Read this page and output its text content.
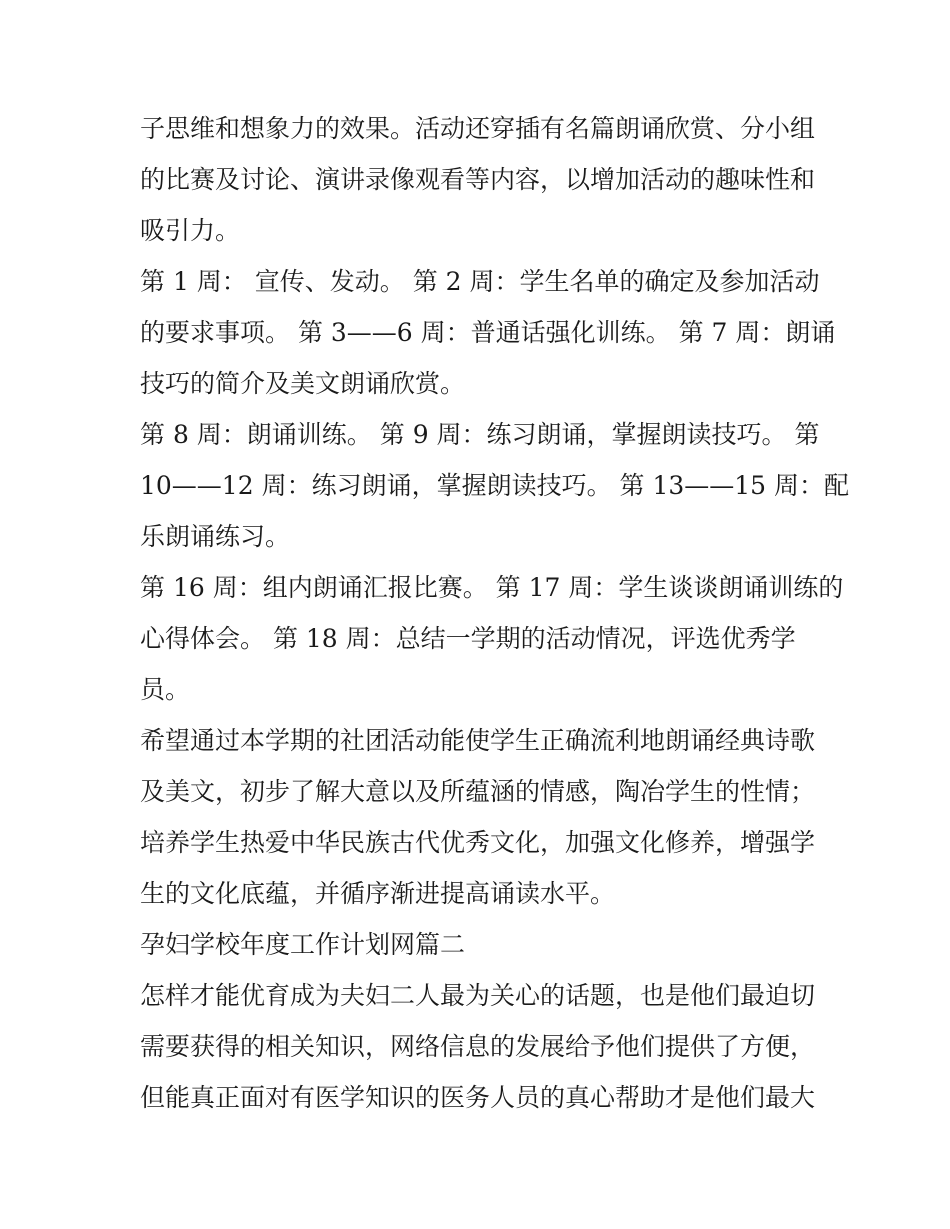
子思维和想象力的效果。活动还穿插有名篇朗诵欣赏、分小组
的比赛及讨论、演讲录像观看等内容，以增加活动的趣味性和
吸引力。

第 1 周： 宣传、发动。 第 2 周：学生名单的确定及参加活动
的要求事项。 第 3——6 周：普通话强化训练。 第 7 周：朗诵
技巧的简介及美文朗诵欣赏。

第 8 周：朗诵训练。 第 9 周：练习朗诵，掌握朗读技巧。 第
10——12 周：练习朗诵，掌握朗读技巧。 第 13——15 周：配
乐朗诵练习。

第 16 周：组内朗诵汇报比赛。 第 17 周：学生谈谈朗诵训练的
心得体会。 第 18 周：总结一学期的活动情况，评选优秀学
员。

希望通过本学期的社团活动能使学生正确流利地朗诵经典诗歌
及美文，初步了解大意以及所蕴涵的情感，陶冶学生的性情；
培养学生热爱中华民族古代优秀文化，加强文化修养，增强学
生的文化底蕴，并循序渐进提高诵读水平。

孕妇学校年度工作计划网篇二

怎样才能优育成为夫妇二人最为关心的话题，也是他们最迫切
需要获得的相关知识，网络信息的发展给予他们提供了方便，
但能真正面对有医学知识的医务人员的真心帮助才是他们最大
